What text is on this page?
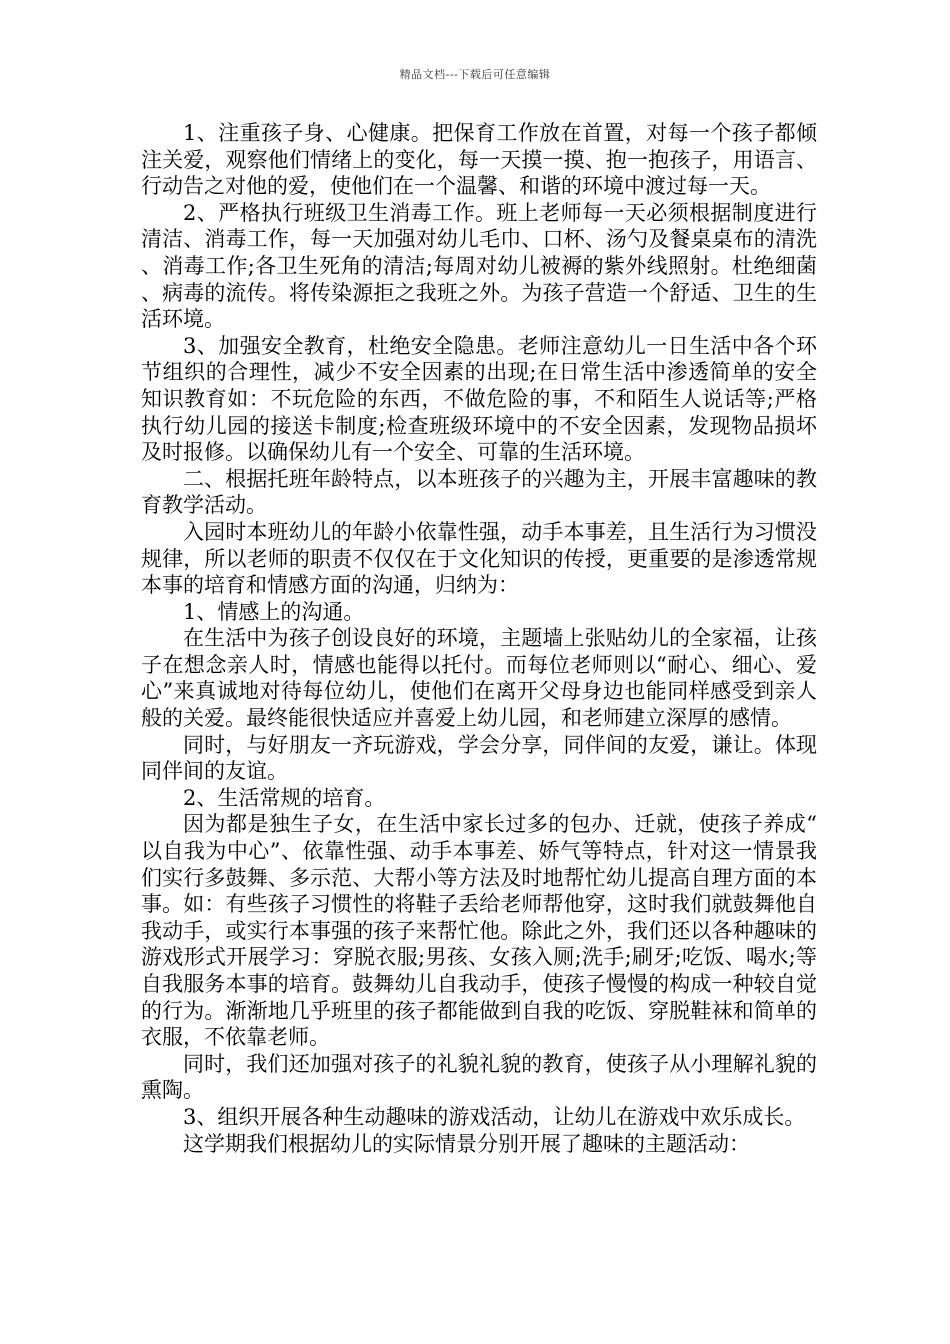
精品文档---下载后可任意编辑

1、注重孩子身、心健康。把保育工作放在首置，对每一个孩子都倾注关爱，观察他们情绪上的变化，每一天摸一摸、抱一抱孩子，用语言、行动告之对他的爱，使他们在一个温馨、和谐的环境中渡过每一天。

2、严格执行班级卫生消毒工作。班上老师每一天必须根据制度进行清洁、消毒工作，每一天加强对幼儿毛巾、口杯、汤勺及餐桌桌布的清洗、消毒工作;各卫生死角的清洁;每周对幼儿被褥的紫外线照射。杜绝细菌、病毒的流传。将传染源拒之我班之外。为孩子营造一个舒适、卫生的生活环境。

3、加强安全教育，杜绝安全隐患。老师注意幼儿一日生活中各个环节组织的合理性，减少不安全因素的出现;在日常生活中渗透简单的安全知识教育如：不玩危险的东西，不做危险的事，不和陌生人说话等;严格执行幼儿园的接送卡制度;检查班级环境中的不安全因素，发现物品损坏及时报修。以确保幼儿有一个安全、可靠的生活环境。

二、根据托班年龄特点，以本班孩子的兴趣为主，开展丰富趣味的教育教学活动。

入园时本班幼儿的年龄小依靠性强，动手本事差，且生活行为习惯没规律，所以老师的职责不仅仅在于文化知识的传授，更重要的是渗透常规本事的培育和情感方面的沟通，归纳为：

1、情感上的沟通。

在生活中为孩子创设良好的环境，主题墙上张贴幼儿的全家福，让孩子在想念亲人时，情感也能得以托付。而每位老师则以“耐心、细心、爱心”来真诚地对待每位幼儿，使他们在离开父母身边也能同样感受到亲人般的关爱。最终能很快适应并喜爱上幼儿园，和老师建立深厚的感情。

同时，与好朋友一齐玩游戏，学会分享，同伴间的友爱，谦让。体现同伴间的友谊。

2、生活常规的培育。

因为都是独生子女，在生活中家长过多的包办、迁就，使孩子养成“以自我为中心”、依靠性强、动手本事差、娇气等特点，针对这一情景我们实行多鼓舞、多示范、大帮小等方法及时地帮忙幼儿提高自理方面的本事。如：有些孩子习惯性的将鞋子丢给老师帮他穿，这时我们就鼓舞他自我动手，或实行本事强的孩子来帮忙他。除此之外，我们还以各种趣味的游戏形式开展学习：穿脱衣服;男孩、女孩入厕;洗手;刷牙;吃饭、喝水;等自我服务本事的培育。鼓舞幼儿自我动手，使孩子慢慢的构成一种较自觉的行为。渐渐地几乎班里的孩子都能做到自我的吃饭、穿脱鞋袜和简单的衣服，不依靠老师。

同时，我们还加强对孩子的礼貌礼貌的教育，使孩子从小理解礼貌的熏陶。

3、组织开展各种生动趣味的游戏活动，让幼儿在游戏中欢乐成长。

这学期我们根据幼儿的实际情景分别开展了趣味的主题活动：
